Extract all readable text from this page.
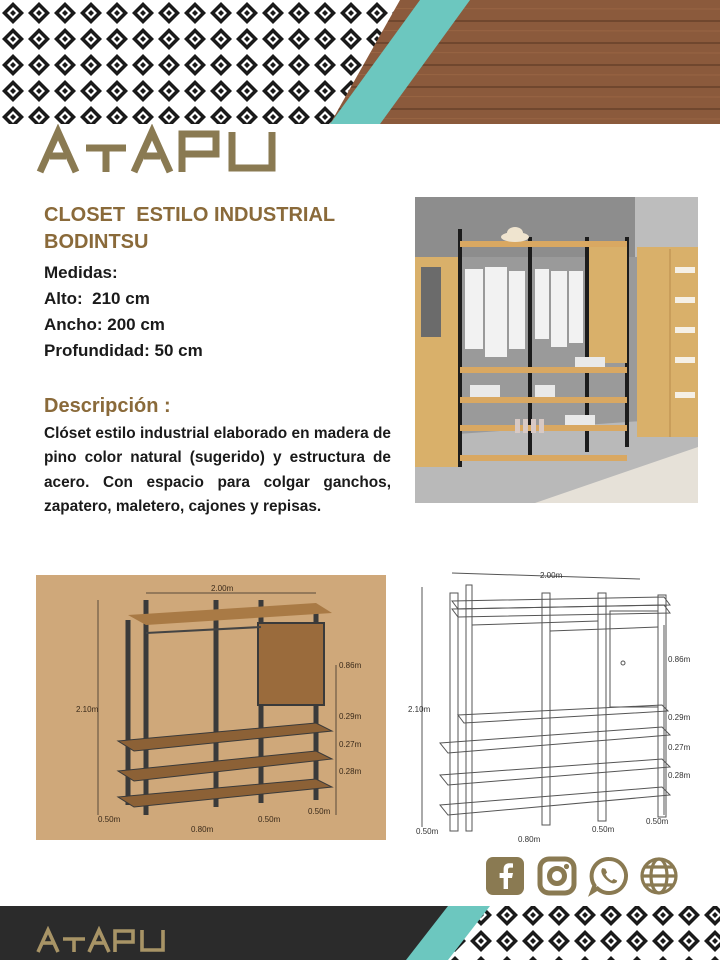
CLOSET  ESTILO INDUSTRIAL
BODINTSU
Medidas:
Alto:  210 cm
Ancho: 200 cm
Profundidad: 50 cm
Descripción :
Clóset estilo industrial elaborado en madera de pino color natural (sugerido) y estructura de acero. Con espacio para colgar ganchos, zapatero, maletero, cajones y repisas.
2.00m
2.10m
0.86m
0.29m
0.27m
0.28m
0.50m
0.80m
0.50m
0.50m
2.00m
2.10m
0.86m
0.29m
0.27m
0.28m
0.50m
0.80m
0.50m
0.50m
